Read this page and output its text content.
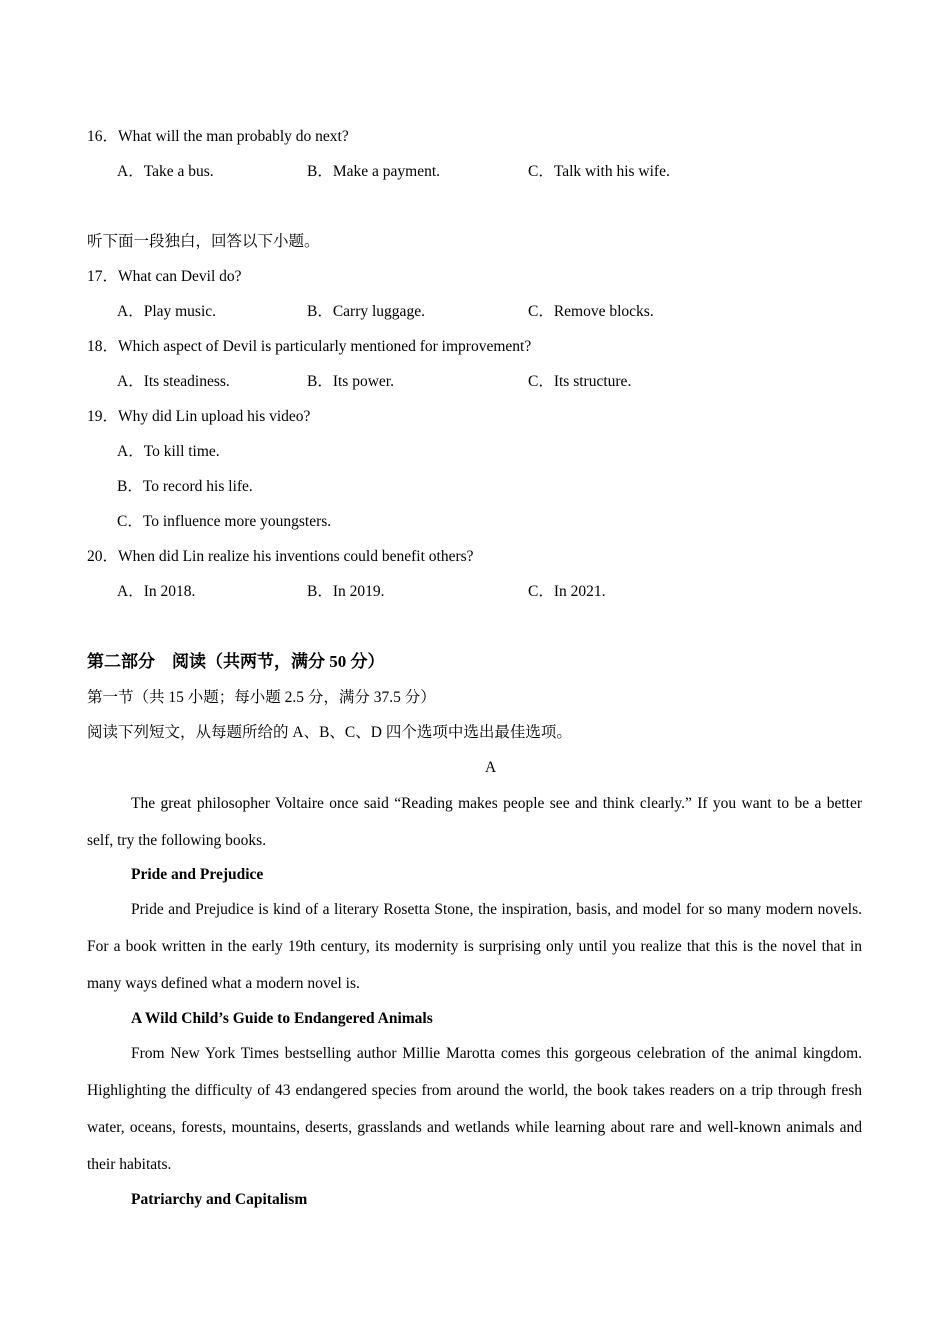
16．What will the man probably do next?
A．Take a bus.	B．Make a payment.	C．Talk with his wife.
听下面一段独白，回答以下小题。
17．What can Devil do?
A．Play music.	B．Carry luggage.	C．Remove blocks.
18．Which aspect of Devil is particularly mentioned for improvement?
A．Its steadiness.	B．Its power.	C．Its structure.
19．Why did Lin upload his video?
A．To kill time.
B．To record his life.
C．To influence more youngsters.
20．When did Lin realize his inventions could benefit others?
A．In 2018.	B．In 2019.	C．In 2021.
第二部分　阅读（共两节，满分 50 分）
第一节（共 15 小题；每小题 2.5 分，满分 37.5 分）
阅读下列短文，从每题所给的 A、B、C、D 四个选项中选出最佳选项。
A

The great philosopher Voltaire once said “Reading makes people see and think clearly.” If you want to be a better self, try the following books.

Pride and Prejudice

Pride and Prejudice is kind of a literary Rosetta Stone, the inspiration, basis, and model for so many modern novels. For a book written in the early 19th century, its modernity is surprising only until you realize that this is the novel that in many ways defined what a modern novel is.

A Wild Child’s Guide to Endangered Animals

From New York Times bestselling author Millie Marotta comes this gorgeous celebration of the animal kingdom. Highlighting the difficulty of 43 endangered species from around the world, the book takes readers on a trip through fresh water, oceans, forests, mountains, deserts, grasslands and wetlands while learning about rare and well-known animals and their habitats.

Patriarchy and Capitalism
